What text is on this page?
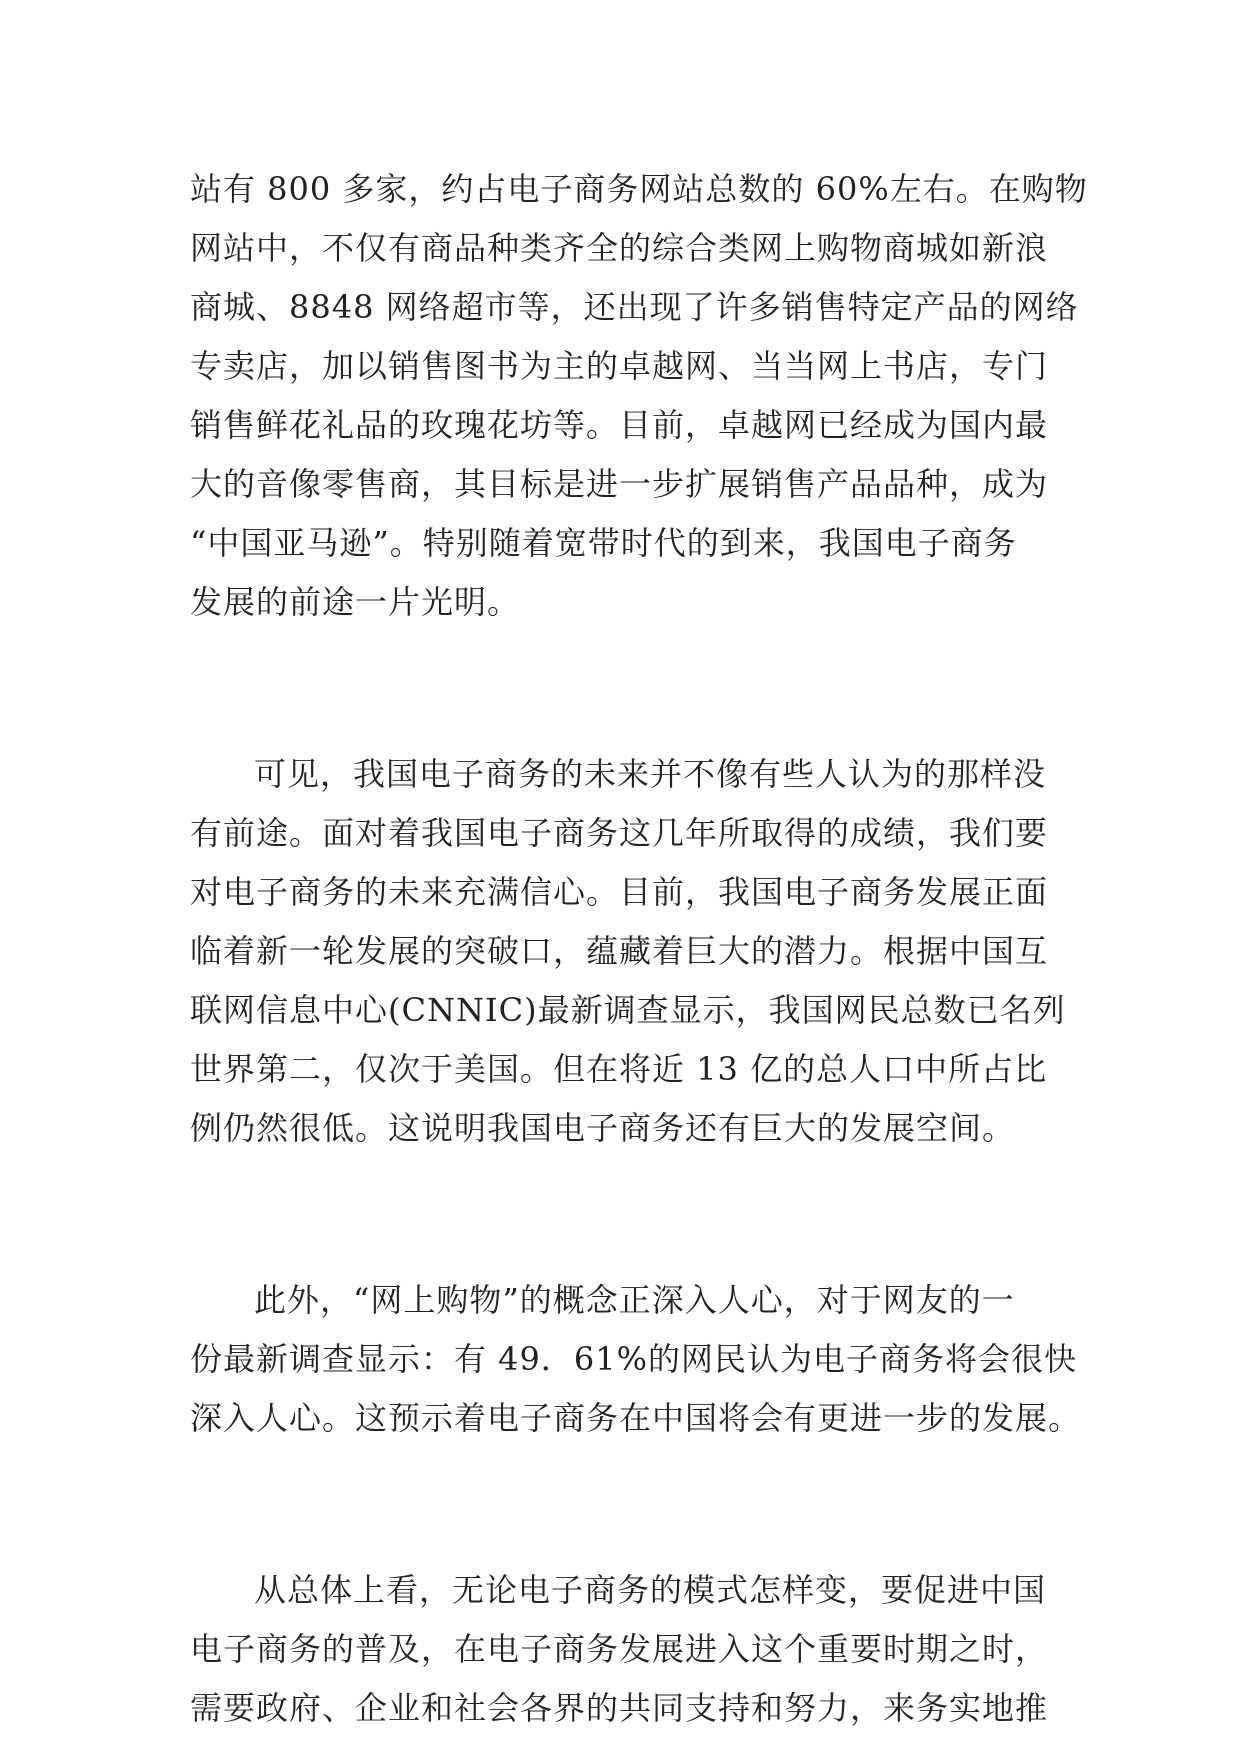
站有 800 多家，约占电子商务网站总数的 60%左右。在购物
网站中，不仅有商品种类齐全的综合类网上购物商城如新浪
商城、8848 网络超市等，还出现了许多销售特定产品的网络
专卖店，加以销售图书为主的卓越网、当当网上书店，专门
销售鲜花礼品的玫瑰花坊等。目前，卓越网已经成为国内最
大的音像零售商，其目标是进一步扩展销售产品品种，成为
“中国亚马逊”。特别随着宽带时代的到来，我国电子商务
发展的前途一片光明。
可见，我国电子商务的未来并不像有些人认为的那样没
有前途。面对着我国电子商务这几年所取得的成绩，我们要
对电子商务的未来充满信心。目前，我国电子商务发展正面
临着新一轮发展的突破口，蕴藏着巨大的潜力。根据中国互
联网信息中心(CNNIC)最新调查显示，我国网民总数已名列
世界第二，仅次于美国。但在将近 13 亿的总人口中所占比
例仍然很低。这说明我国电子商务还有巨大的发展空间。
此外，“网上购物”的概念正深入人心，对于网友的一
份最新调查显示：有 49．61%的网民认为电子商务将会很快
深入人心。这预示着电子商务在中国将会有更进一步的发展。
从总体上看，无论电子商务的模式怎样变，要促进中国
电子商务的普及，在电子商务发展进入这个重要时期之时，
需要政府、企业和社会各界的共同支持和努力，来务实地推
